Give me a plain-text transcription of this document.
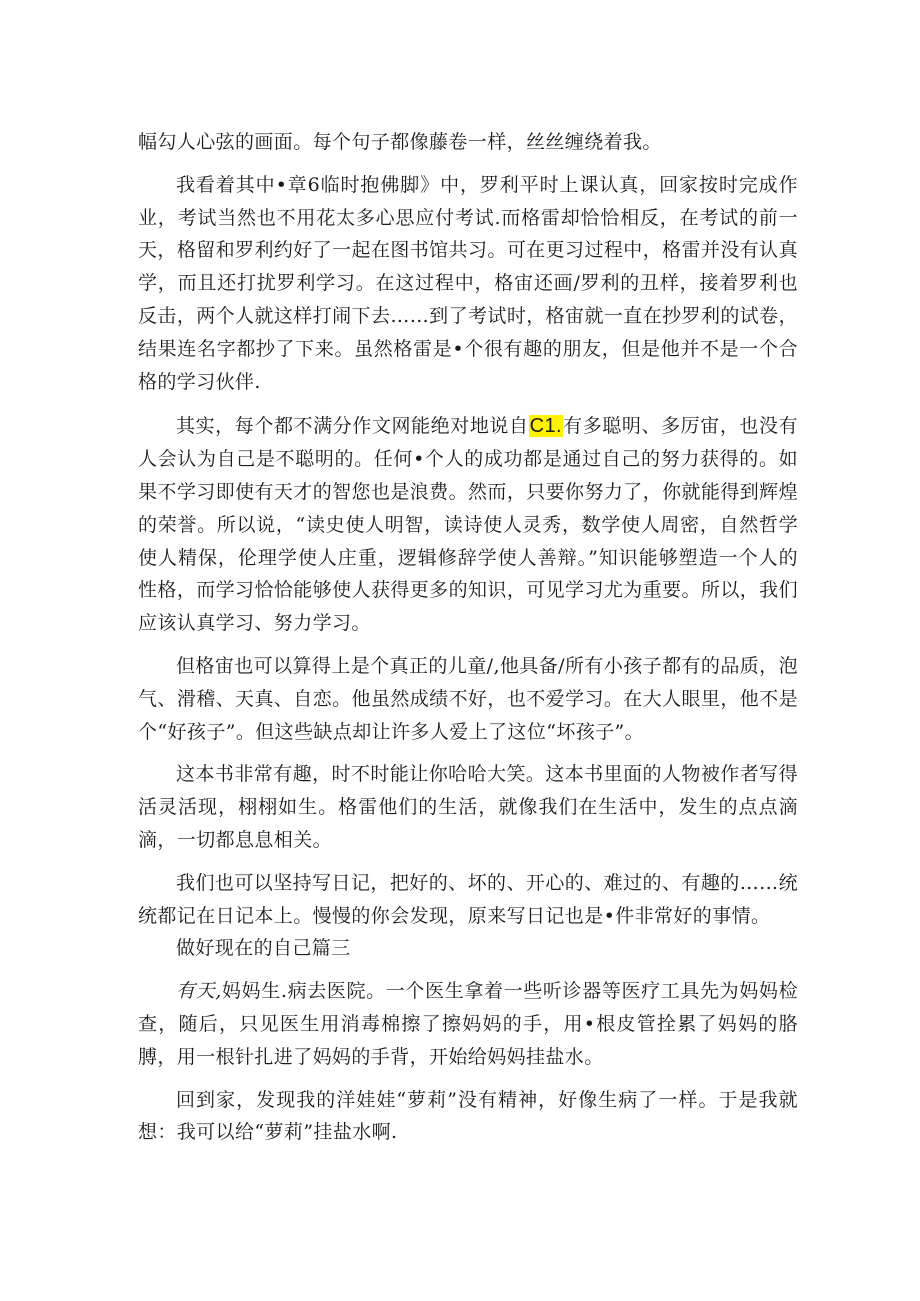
幅勾人心弦的画面。每个句子都像藤卷一样，丝丝缠绕着我。

我看着其中•章6临时抱佛脚》中，罗利平时上课认真，回家按时完成作业，考试当然也不用花太多心思应付考试.而格雷却恰恰相反，在考试的前一天，格留和罗利约好了一起在图书馆共习。可在更习过程中，格雷并没有认真学，而且还打扰罗利学习。在这过程中，格宙还画/罗利的丑样，接着罗利也反击，两个人就这样打闹下去……到了考试时，格宙就一直在抄罗利的试卷，结果连名字都抄了下来。虽然格雷是•个很有趣的朋友，但是他并不是一个合格的学习伙伴.

其实，每个都不满分作文网能绝对地说自C1.有多聪明、多厉宙，也没有人会认为自己是不聪明的。任何•个人的成功都是通过自己的努力获得的。如果不学习即使有天才的智您也是浪费。然而，只要你努力了，你就能得到辉煌的荣誉。所以说，“读史使人明智，读诗使人灵秀，数学使人周密，自然哲学使人精保，伦理学使人庄重，逻辑修辞学使人善辩。”知识能够塑造一个人的性格，而学习恰恰能够使人获得更多的知识，可见学习尤为重要。所以，我们应该认真学习、努力学习。

但格宙也可以算得上是个真正的儿童/,他具备/所有小孩子都有的品质，泡气、滑稽、天真、自恋。他虽然成绩不好，也不爱学习。在大人眼里，他不是个“好孩子”。但这些缺点却让许多人爱上了这位“坏孩子”。

这本书非常有趣，时不时能让你哈哈大笑。这本书里面的人物被作者写得活灵活现，栩栩如生。格雷他们的生活，就像我们在生活中，发生的点点滴滴，一切都息息相关。

我们也可以坚持写日记，把好的、坏的、开心的、难过的、有趣的……统统都记在日记本上。慢慢的你会发现，原来写日记也是•件非常好的事情。

做好现在的自己篇三

有天,妈妈生.病去医院。一个医生拿着一些听诊器等医疗工具先为妈妈检查，随后，只见医生用消毒棉擦了擦妈妈的手，用•根皮管拴累了妈妈的胳膊，用一根针扎进了妈妈的手背，开始给妈妈挂盐水。

回到家，发现我的洋娃娃“萝莉”没有精神，好像生病了一样。于是我就想：我可以给“萝莉”挂盐水啊.
